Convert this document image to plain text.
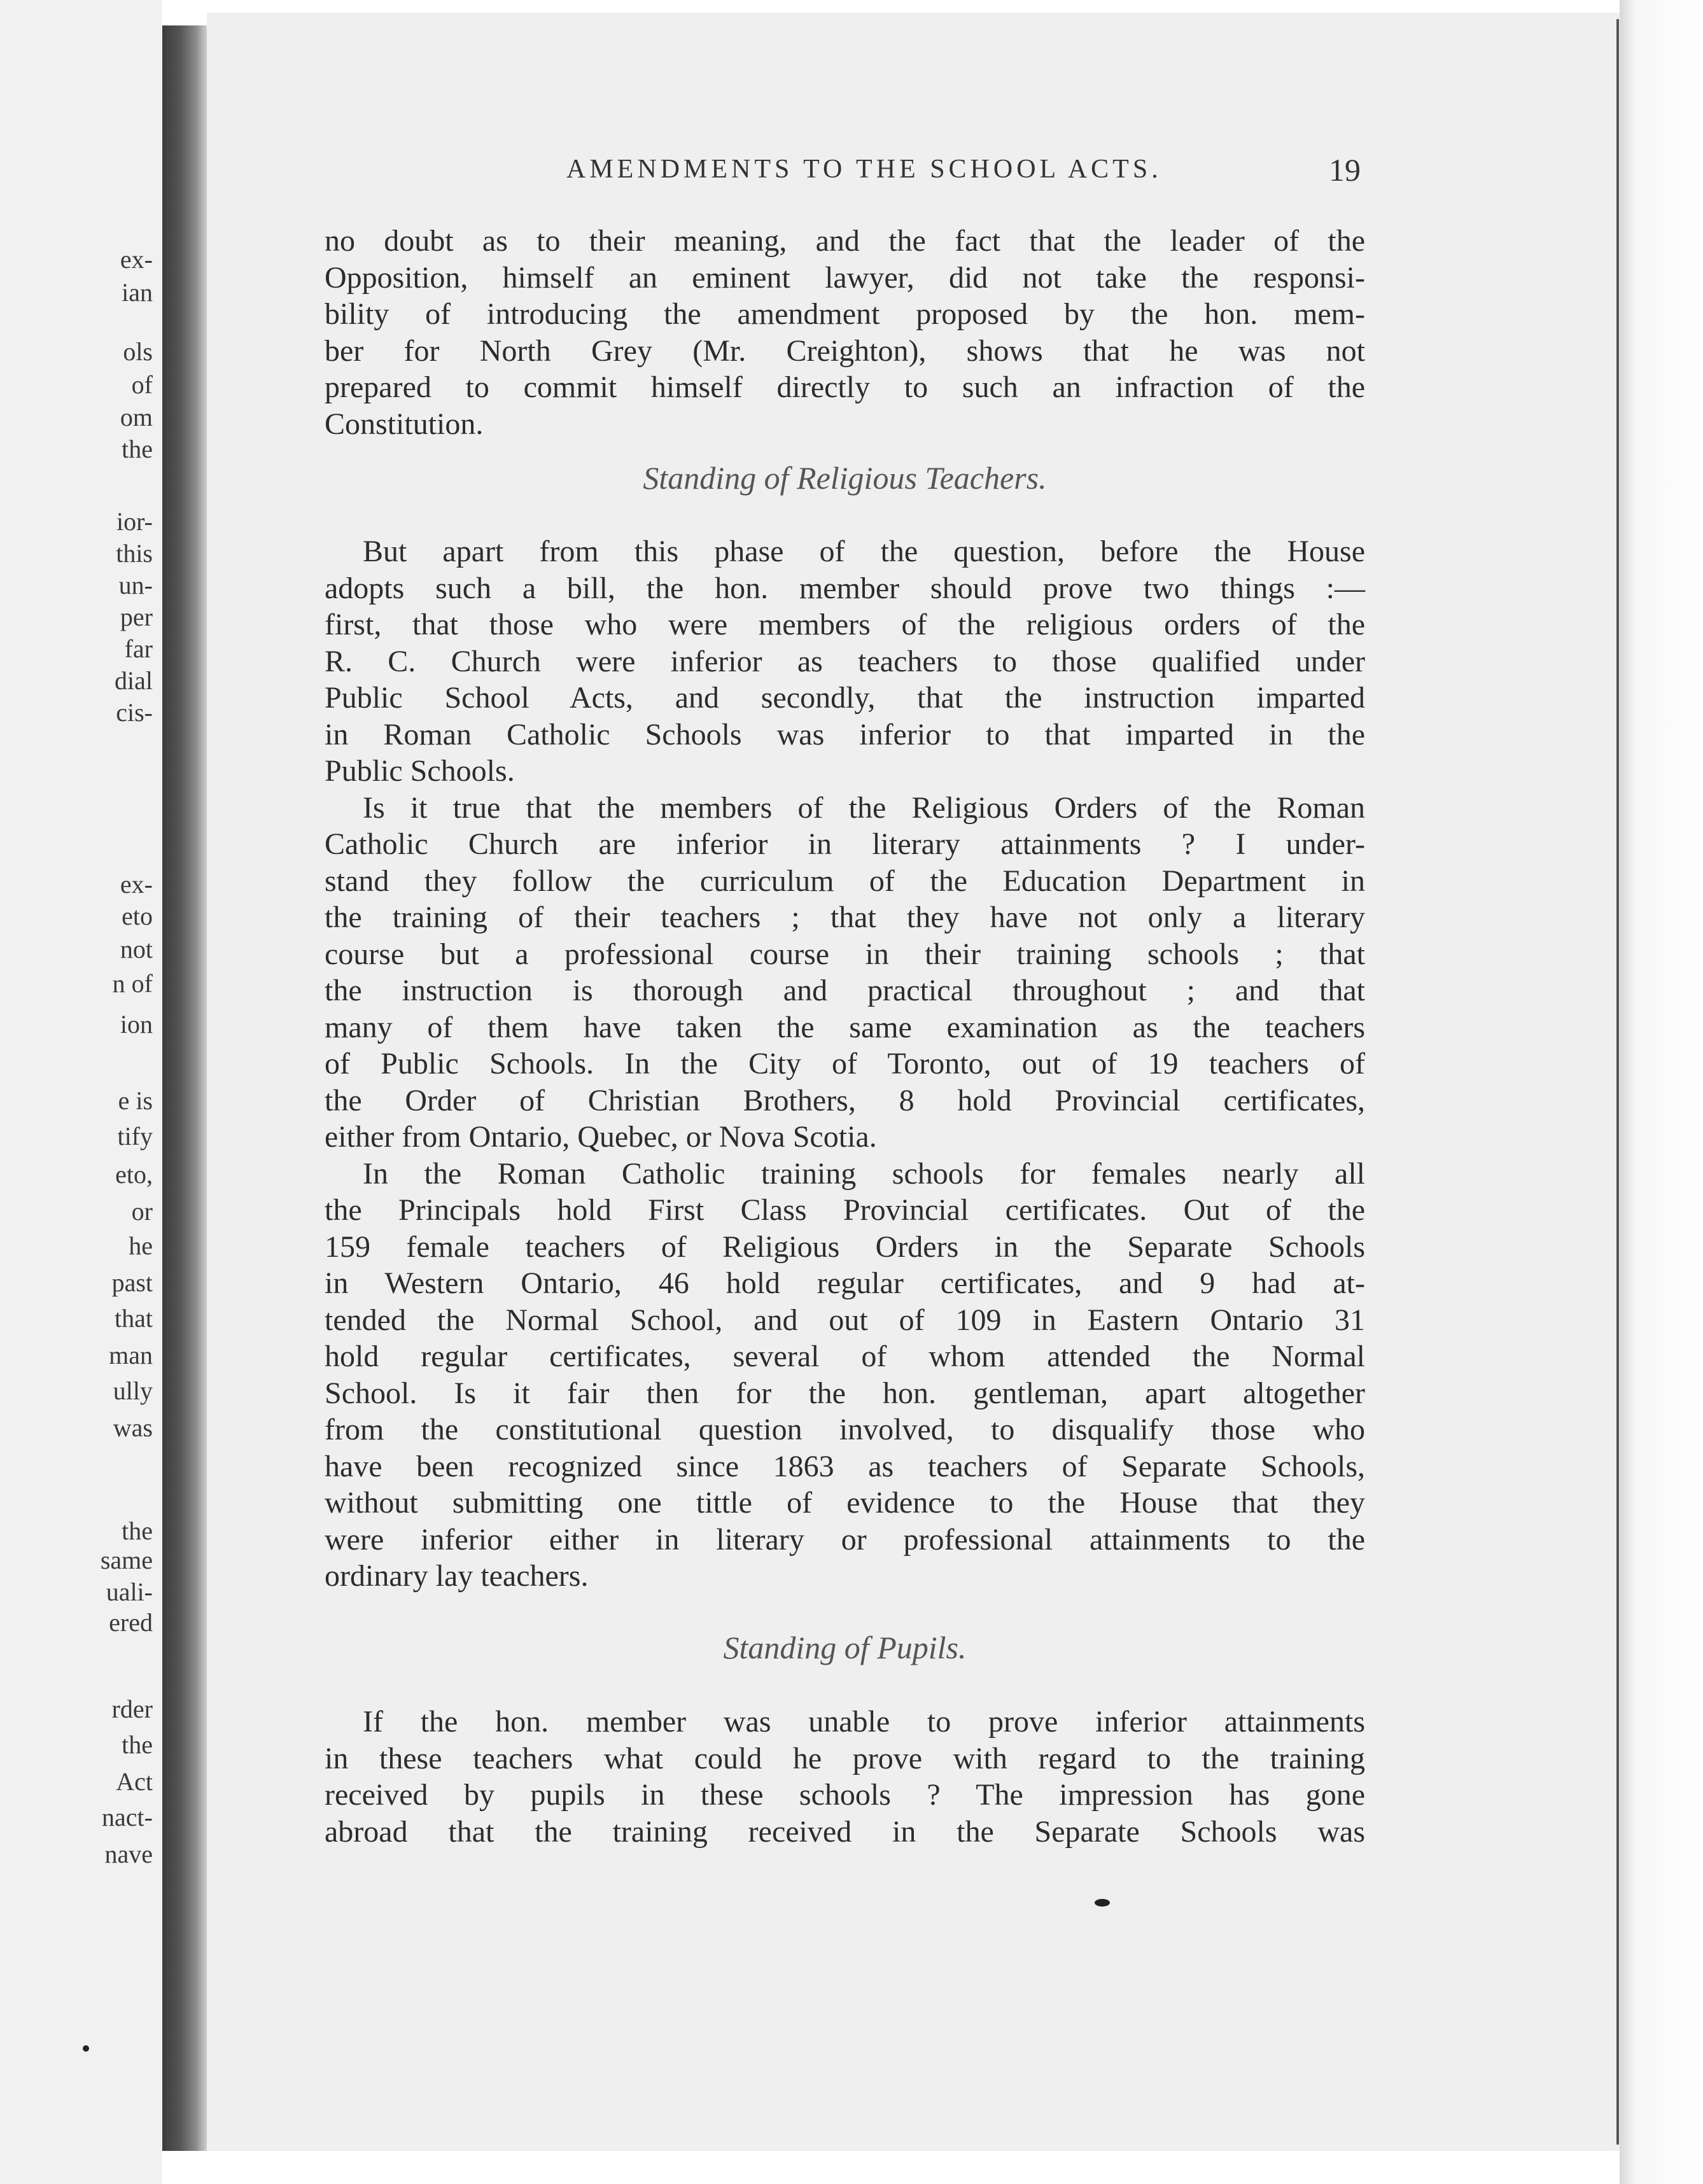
ex-
ian
ols
of
om
the
ior-
this
un-
per
far
dial
cis-
ex-
eto
not
n of
ion
e is
tify
eto,
or
he
past
that
man
ully
was
the
same
uali-
ered
rder
the
Act
nact-
nave
AMENDMENTS TO THE SCHOOL ACTS.	19
no doubt as to their meaning, and the fact that the leader of the
Opposition, himself an eminent lawyer, did not take the responsi-
bility of introducing the amendment proposed by the hon. mem-
ber for North Grey (Mr. Creighton), shows that he was not
prepared to commit himself directly to such an infraction of the
Constitution.
Standing of Religious Teachers.
But apart from this phase of the question, before the House
adopts such a bill, the hon. member should prove two things :—
first, that those who were members of the religious orders of the
R. C. Church were inferior as teachers to those qualified under
Public School Acts, and secondly, that the instruction imparted
in Roman Catholic Schools was inferior to that imparted in the
Public Schools.
Is it true that the members of the Religious Orders of the Roman
Catholic Church are inferior in literary attainments ? I under-
stand they follow the curriculum of the Education Department in
the training of their teachers ; that they have not only a literary
course but a professional course in their training schools ; that
the instruction is thorough and practical throughout ; and that
many of them have taken the same examination as the teachers
of Public Schools. In the City of Toronto, out of 19 teachers of
the Order of Christian Brothers, 8 hold Provincial certificates,
either from Ontario, Quebec, or Nova Scotia.
In the Roman Catholic training schools for females nearly all
the Principals hold First Class Provincial certificates. Out of the
159 female teachers of Religious Orders in the Separate Schools
in Western Ontario, 46 hold regular certificates, and 9 had at-
tended the Normal School, and out of 109 in Eastern Ontario 31
hold regular certificates, several of whom attended the Normal
School. Is it fair then for the hon. gentleman, apart altogether
from the constitutional question involved, to disqualify those who
have been recognized since 1863 as teachers of Separate Schools,
without submitting one tittle of evidence to the House that they
were inferior either in literary or professional attainments to the
ordinary lay teachers.
Standing of Pupils.
If the hon. member was unable to prove inferior attainments
in these teachers what could he prove with regard to the training
received by pupils in these schools ? The impression has gone
abroad that the training received in the Separate Schools was
